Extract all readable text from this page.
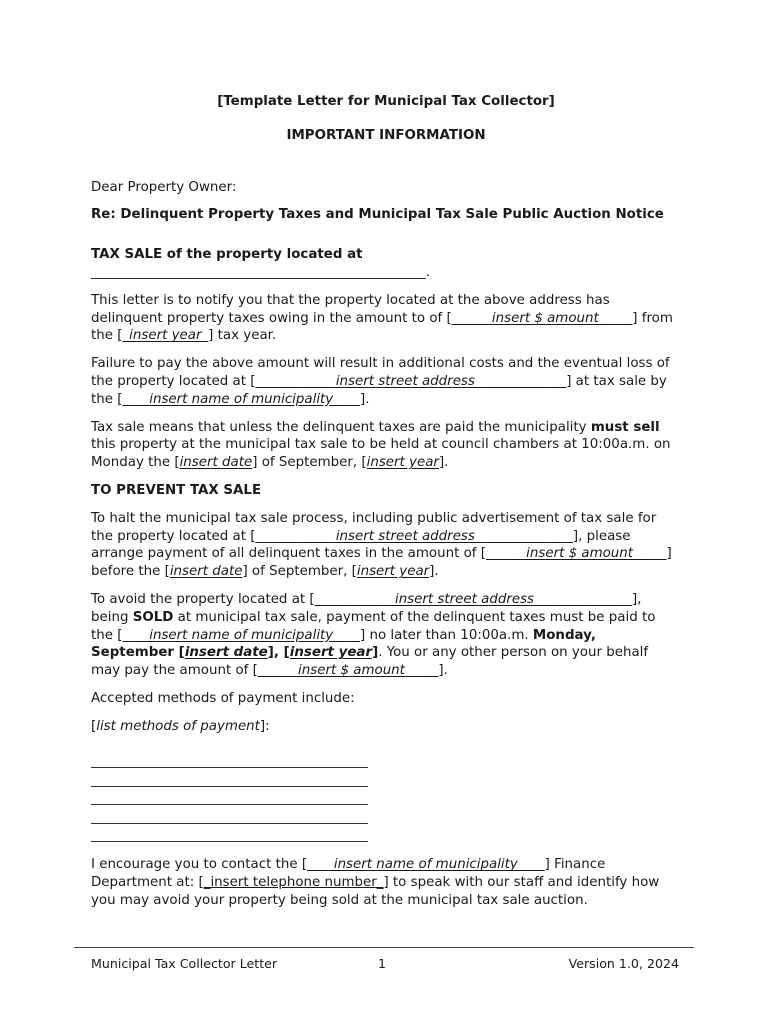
[Template Letter for Municipal Tax Collector]

IMPORTANT INFORMATION

Dear Property Owner:

Re: Delinquent Property Taxes and Municipal Tax Sale Public Auction Notice

TAX SALE of the property located at

__________________________________________________.

This letter is to notify you that the property located at the above address has delinquent property taxes owing in the amount to of [______insert $ amount_____] from the [_insert year_] tax year.

Failure to pay the above amount will result in additional costs and the eventual loss of the property located at [____________insert street address _____________] at tax sale by the [____insert name of municipality____].

Tax sale means that unless the delinquent taxes are paid the municipality must sell this property at the municipal tax sale to be held at council chambers at 10:00a.m. on Monday the [insert date] of September, [insert year].

TO PREVENT TAX SALE

To halt the municipal tax sale process, including public advertisement of tax sale for the property located at [____________insert street address ______________], please arrange payment of all delinquent taxes in the amount of [______insert $ amount_____] before the [insert date] of September, [insert year].

To avoid the property located at [____________insert street address ______________], being SOLD at municipal tax sale, payment of the delinquent taxes must be paid to the [____insert name of municipality____] no later than 10:00a.m. Monday, September [insert date], [insert year]. You or any other person on your behalf may pay the amount of [______insert $ amount_____].

Accepted methods of payment include:

[list methods of payment]:

I encourage you to contact the [____insert name of municipality____] Finance Department at: [_insert telephone number_] to speak with our staff and identify how you may avoid your property being sold at the municipal tax sale auction.

Municipal Tax Collector Letter	1	Version 1.0, 2024
